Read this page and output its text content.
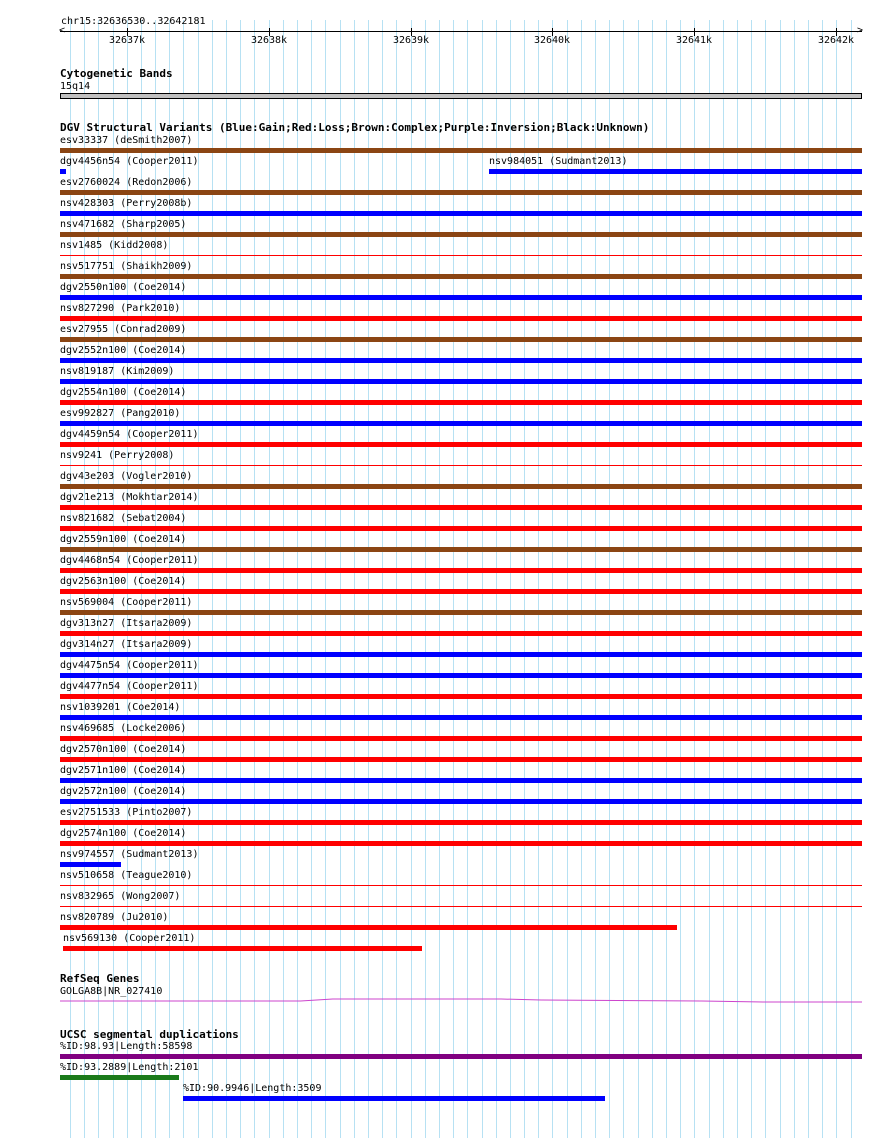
chr15:32636530..32642181
<	>
32637k	32638k	32639k	32640k	32641k	32642k
Cytogenetic Bands
15q14
DGV Structural Variants (Blue:Gain;Red:Loss;Brown:Complex;Purple:Inversion;Black:Unknown)
esv33337 (deSmith2007)
dgv4456n54 (Cooper2011)	nsv984051 (Sudmant2013)
esv2760024 (Redon2006)
nsv428303 (Perry2008b)
nsv471682 (Sharp2005)
nsv1485 (Kidd2008)
nsv517751 (Shaikh2009)
dgv2550n100 (Coe2014)
nsv827290 (Park2010)
esv27955 (Conrad2009)
dgv2552n100 (Coe2014)
nsv819187 (Kim2009)
dgv2554n100 (Coe2014)
esv992827 (Pang2010)
dgv4459n54 (Cooper2011)
nsv9241 (Perry2008)
dgv43e203 (Vogler2010)
dgv21e213 (Mokhtar2014)
nsv821682 (Sebat2004)
dgv2559n100 (Coe2014)
dgv4468n54 (Cooper2011)
dgv2563n100 (Coe2014)
nsv569004 (Cooper2011)
dgv313n27 (Itsara2009)
dgv314n27 (Itsara2009)
dgv4475n54 (Cooper2011)
dgv4477n54 (Cooper2011)
nsv1039201 (Coe2014)
nsv469685 (Locke2006)
dgv2570n100 (Coe2014)
dgv2571n100 (Coe2014)
dgv2572n100 (Coe2014)
esv2751533 (Pinto2007)
dgv2574n100 (Coe2014)
nsv974557 (Sudmant2013)
nsv510658 (Teague2010)
nsv832965 (Wong2007)
nsv820789 (Ju2010)
nsv569130 (Cooper2011)
RefSeq Genes
GOLGA8B|NR_027410
UCSC segmental duplications
%ID:98.93|Length:58598
%ID:93.2889|Length:2101
%ID:90.9946|Length:3509
